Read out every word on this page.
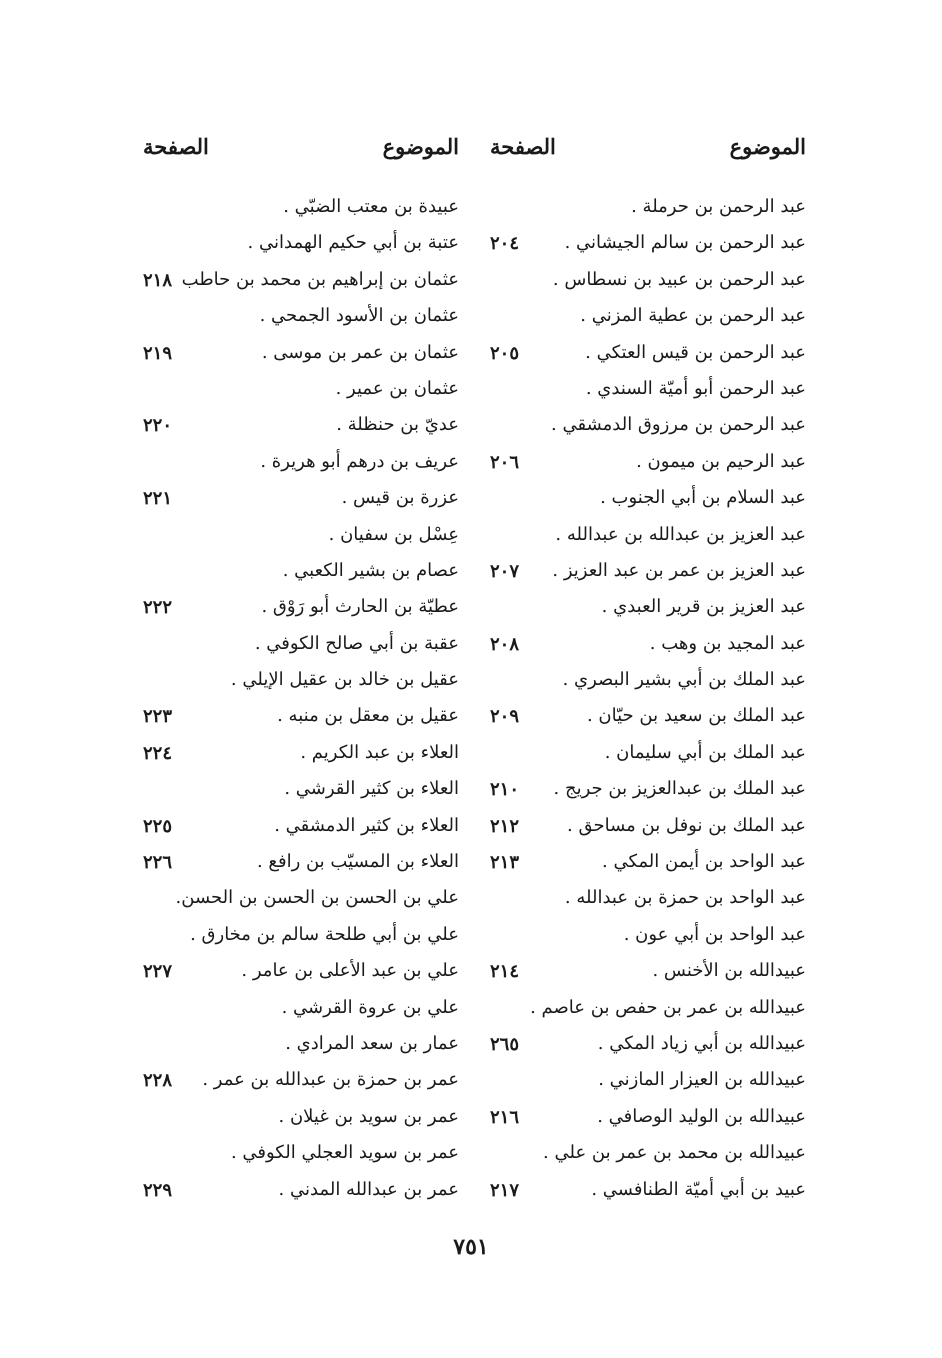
الموضوع
الصفحة
عبد الرحمن بن حرملة .
عبد الرحمن بن سالم الجيشاني .
٢٠٤
عبد الرحمن بن عبيد بن نسطاس .
عبد الرحمن بن عطية المزني .
عبد الرحمن بن قيس العتكي .
٢٠٥
عبد الرحمن أبو أميّة السندي .
عبد الرحمن بن مرزوق الدمشقي .
عبد الرحيم بن ميمون .
٢٠٦
عبد السلام بن أبي الجنوب .
عبد العزيز بن عبدالله بن عبدالله .
عبد العزيز بن عمر بن عبد العزيز .
٢٠٧
عبد العزيز بن قرير العبدي .
عبد المجيد بن وهب .
٢٠٨
عبد الملك بن أبي بشير البصري .
عبد الملك بن سعيد بن حيّان .
٢٠٩
عبد الملك بن أبي سليمان .
عبد الملك بن عبدالعزيز بن جريج .
٢١٠
عبد الملك بن نوفل بن مساحق .
٢١٢
عبد الواحد بن أيمن المكي .
٢١٣
عبد الواحد بن حمزة بن عبدالله .
عبد الواحد بن أبي عون .
عبيدالله بن الأخنس .
٢١٤
عبيدالله بن عمر بن حفص بن عاصم .
عبيدالله بن أبي زياد المكي .
٢٦٥
عبيدالله بن العيزار المازني .
عبيدالله بن الوليد الوصافي .
٢١٦
عبيدالله بن محمد بن عمر بن علي .
عبيد بن أبي أميّة الطنافسي .
٢١٧
الموضوع
الصفحة
عبيدة بن معتب الضبّي .
عتبة بن أبي حكيم الهمداني .
عثمان بن إبراهيم بن محمد بن حاطب
٢١٨
عثمان بن الأسود الجمحي .
عثمان بن عمر بن موسى .
٢١٩
عثمان بن عمير .
عديّ بن حنظلة .
٢٢٠
عريف بن درهم أبو هريرة .
عزرة بن قيس .
٢٢١
عِسْل بن سفيان .
عصام بن بشير الكعبي .
عطيّة بن الحارث أبو رَوْق .
٢٢٢
عقبة بن أبي صالح الكوفي .
عقيل بن خالد بن عقيل الإيلي .
عقيل بن معقل بن منبه .
٢٢٣
العلاء بن عبد الكريم .
٢٢٤
العلاء بن كثير القرشي .
العلاء بن كثير الدمشقي .
٢٢٥
العلاء بن المسيّب بن رافع .
٢٢٦
علي بن الحسن بن الحسن بن الحسن.
علي بن أبي طلحة سالم بن مخارق .
علي بن عبد الأعلى بن عامر .
٢٢٧
علي بن عروة القرشي .
عمار بن سعد المرادي .
عمر بن حمزة بن عبدالله بن عمر .
٢٢٨
عمر بن سويد بن غيلان .
عمر بن سويد العجلي الكوفي .
عمر بن عبدالله المدني .
٢٢٩
٧٥١
